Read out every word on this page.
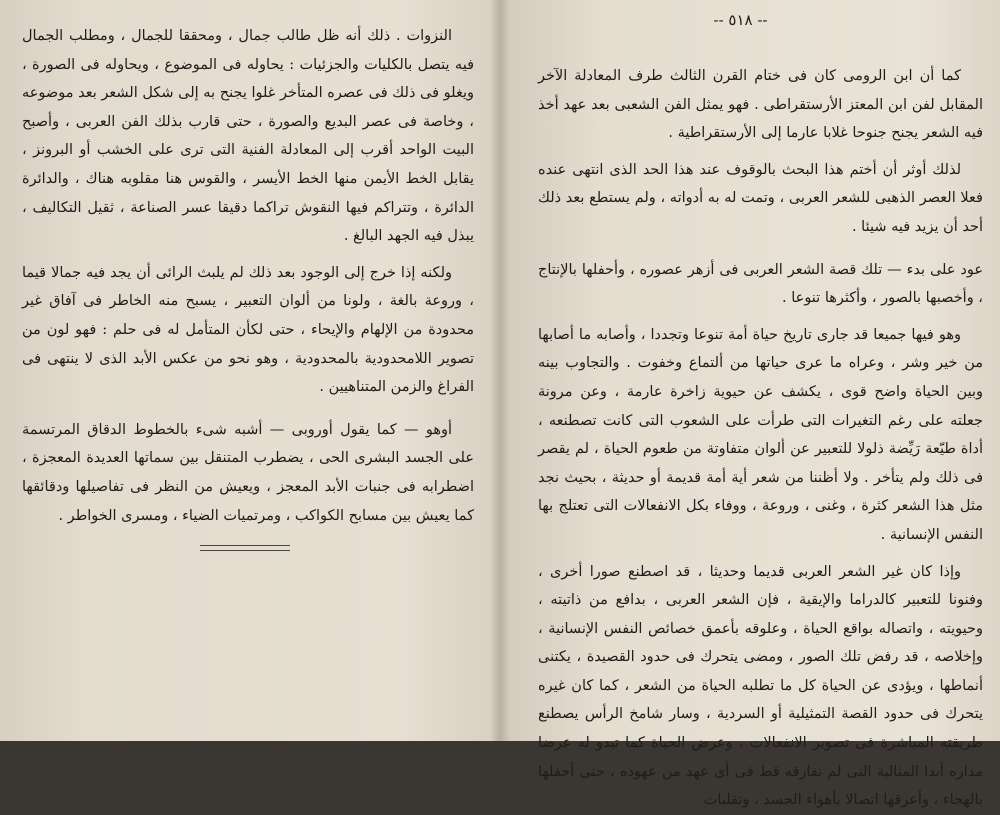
النزوات . ذلك أنه ظل طالب جمال ، ومحققا للجمال ، ومطلب الجمال فيه يتصل بالكليات والجزئيات : يحاوله فى الموضوع ، ويحاوله فى الصورة ، ويغلو فى ذلك فى عصره المتأخر غلوا يجنح به إلى شكل الشعر بعد موضوعه ، وخاصة فى عصر البديع والصورة ، حتى قارب بذلك الفن العربى ، وأصبح البيت الواحد أقرب إلى المعادلة الفنية التى ترى على الخشب أو البرونز ، يقابل الخط الأيمن منها الخط الأيسر ، والقوس هنا مقلوبه هناك ، والدائرة الدائرة ، وتتراكم فيها النقوش تراكما دقيقا عسر الصناعة ، ثقيل التكاليف ، يبذل فيه الجهد البالغ .

ولكنه إذا خرج إلى الوجود بعد ذلك لم يلبث الرائى أن يجد فيه جمالا قيما ، وروعة بالغة ، ولونا من ألوان التعبير ، يسبح منه الخاطر فى آفاق غير محدودة من الإلهام والإيحاء ، حتى لكأن المتأمل له فى حلم : فهو لون من تصوير اللامحدودية بالمحدودية ، وهو نحو من عكس الأبد الذى لا ينتهى فى الفراغ والزمن المتناهيين .

أوهو — كما يقول أوروبى — أشبه شىء بالخطوط الدقاق المرتسمة على الجسد البشرى الحى ، يضطرب المتنقل بين سماتها العديدة المعجزة ، اضطرابه فى جنبات الأبد المعجز ، ويعيش من النظر فى تفاصيلها ودقائقها كما يعيش بين مسابح الكواكب ، ومرتميات الضياء ، ومسرى الخواطر .

-- ٥١٨ --

كما أن ابن الرومى كان فى ختام القرن الثالث طرف المعادلة الآخر المقابل لفن ابن المعتز الأرستقراطى . فهو يمثل الفن الشعبى بعد عهد أخذ فيه الشعر يجنح جنوحا غلابا عارما إلى الأرستقراطية .

لذلك أوثر أن أختم هذا البحث بالوقوف عند هذا الحد الذى انتهى عنده فعلا العصر الذهبى للشعر العربى ، وتمت له به أدواته ، ولم يستطع بعد ذلك أحد أن يزيد فيه شيئا .

عود على بدء — تلك قصة الشعر العربى فى أزهر عصوره ، وأحفلها بالإنتاج ، وأخصبها بالصور ، وأكثرها تنوعا .

وهو فيها جميعا قد جارى تاريخ حياة أمة تنوعا وتجددا ، وأصابه ما أصابها من خير وشر ، وعراه ما عرى حياتها من ألتماع وخفوت . والتجاوب بينه وبين الحياة واضح قوى ، يكشف عن حيوية زاخرة عارمة ، وعن مرونة جعلته على رغم التغيرات التى طرأت على الشعوب التى كانت تصطنعه ، أداة طيّعة رَيِّضة ذلولا للتعبير عن ألوان متفاوتة من طعوم الحياة ، لم يقصر فى ذلك ولم يتأخر . ولا أظننا من شعر أية أمة قديمة أو حديثة ، بحيث نجد مثل هذا الشعر كثرة ، وغنى ، وروعة ، ووفاء بكل الانفعالات التى تعتلج بها النفس الإنسانية .

وإذا كان غير الشعر العربى قديما وحديثا ، قد اصطنع صورا أخرى ، وفنونا للتعبير كالدراما والإيقية ، فإن الشعر العربى ، بدافع من ذاتيته ، وحيويته ، واتصاله بواقع الحياة ، وعلوقه بأعمق خصائص النفس الإنسانية ، وإخلاصه ، قد رفض تلك الصور ، ومضى يتحرك فى حدود القصيدة ، يكتنى أنماطها ، ويؤدى عن الحياة كل ما تطلبه الحياة من الشعر ، كما كان غيره يتحرك فى حدود القصة التمثيلية أو السردية ، وسار شامخ الرأس يصطنع طريقته المباشرة فى تصوير الانفعالات ، وعرض الحياة كما تبدو له عرضا مداره أبدا المثالية التى لم تفارقه قط فى أى عهد من عهوده ، حتى أحفلها بالهجاء ، وأعرقها اتصالا بأهواء الجسد ، وتقلبات
